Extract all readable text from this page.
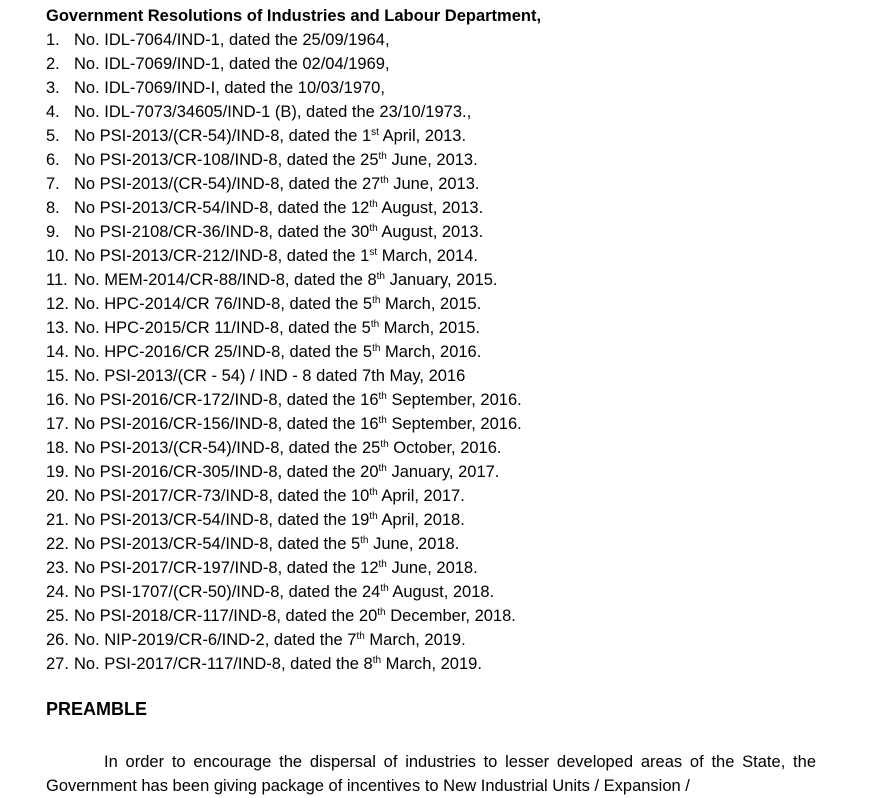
Government Resolutions of Industries and Labour Department,
1. No. IDL-7064/IND-1, dated the 25/09/1964,
2. No. IDL-7069/IND-1, dated the 02/04/1969,
3. No. IDL-7069/IND-I, dated the 10/03/1970,
4. No. IDL-7073/34605/IND-1 (B), dated the 23/10/1973.,
5. No PSI-2013/(CR-54)/IND-8, dated the 1st April, 2013.
6. No PSI-2013/CR-108/IND-8, dated the 25th June, 2013.
7. No PSI-2013/(CR-54)/IND-8, dated the 27th June, 2013.
8. No PSI-2013/CR-54/IND-8, dated the 12th August, 2013.
9. No PSI-2108/CR-36/IND-8, dated the 30th August, 2013.
10. No PSI-2013/CR-212/IND-8, dated the 1st March, 2014.
11. No. MEM-2014/CR-88/IND-8, dated the 8th January, 2015.
12. No. HPC-2014/CR 76/IND-8, dated the 5th March, 2015.
13. No. HPC-2015/CR 11/IND-8, dated the 5th March, 2015.
14. No. HPC-2016/CR 25/IND-8, dated the 5th March, 2016.
15. No. PSI-2013/(CR - 54) / IND - 8 dated 7th May, 2016
16. No PSI-2016/CR-172/IND-8, dated the 16th September, 2016.
17. No PSI-2016/CR-156/IND-8, dated the 16th September, 2016.
18. No PSI-2013/(CR-54)/IND-8, dated the 25th October, 2016.
19. No PSI-2016/CR-305/IND-8, dated the 20th January, 2017.
20. No PSI-2017/CR-73/IND-8, dated the 10th April, 2017.
21. No PSI-2013/CR-54/IND-8, dated the 19th April, 2018.
22. No PSI-2013/CR-54/IND-8, dated the 5th June, 2018.
23. No PSI-2017/CR-197/IND-8, dated the 12th June, 2018.
24. No PSI-1707/(CR-50)/IND-8, dated the 24th August, 2018.
25. No PSI-2018/CR-117/IND-8, dated the 20th December, 2018.
26. No. NIP-2019/CR-6/IND-2, dated the 7th March, 2019.
27. No. PSI-2017/CR-117/IND-8, dated the 8th March, 2019.
PREAMBLE

In order to encourage the dispersal of industries to lesser developed areas of the State, the Government has been giving package of incentives to New Industrial Units / Expansion /
